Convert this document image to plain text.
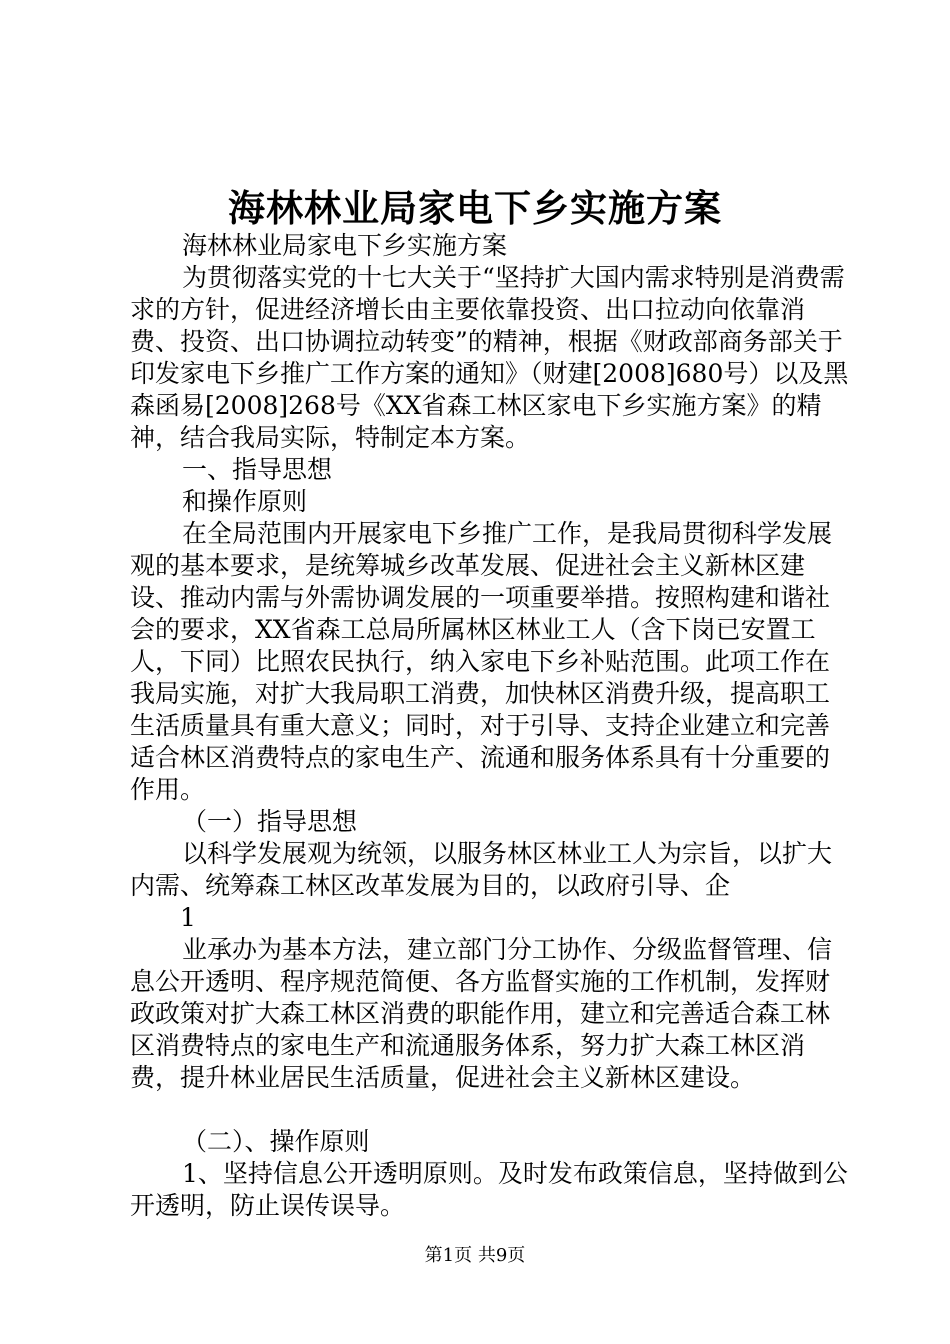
海林林业局家电下乡实施方案

海林林业局家电下乡实施方案

为贯彻落实党的十七大关于“坚持扩大国内需求特别是消费需求的方针，促进经济增长由主要依靠投资、出口拉动向依靠消费、投资、出口协调拉动转变”的精神，根据《财政部商务部关于印发家电下乡推广工作方案的通知》（财建[2008]680号）以及黑森函易[2008]268号《XX省森工林区家电下乡实施方案》的精神，结合我局实际，特制定本方案。

一、指导思想

和操作原则

在全局范围内开展家电下乡推广工作，是我局贯彻科学发展观的基本要求，是统筹城乡改革发展、促进社会主义新林区建设、推动内需与外需协调发展的一项重要举措。按照构建和谐社会的要求，XX省森工总局所属林区林业工人（含下岗已安置工人，下同）比照农民执行，纳入家电下乡补贴范围。此项工作在我局实施，对扩大我局职工消费，加快林区消费升级，提高职工生活质量具有重大意义；同时，对于引导、支持企业建立和完善适合林区消费特点的家电生产、流通和服务体系具有十分重要的作用。

（一）指导思想

以科学发展观为统领，以服务林区林业工人为宗旨，以扩大内需、统筹森工林区改革发展为目的，以政府引导、企

1

业承办为基本方法，建立部门分工协作、分级监督管理、信息公开透明、程序规范简便、各方监督实施的工作机制，发挥财政政策对扩大森工林区消费的职能作用，建立和完善适合森工林区消费特点的家电生产和流通服务体系，努力扩大森工林区消费，提升林业居民生活质量，促进社会主义新林区建设。

（二）、操作原则

1、坚持信息公开透明原则。及时发布政策信息，坚持做到公开透明，防止误传误导。

第1页 共9页
